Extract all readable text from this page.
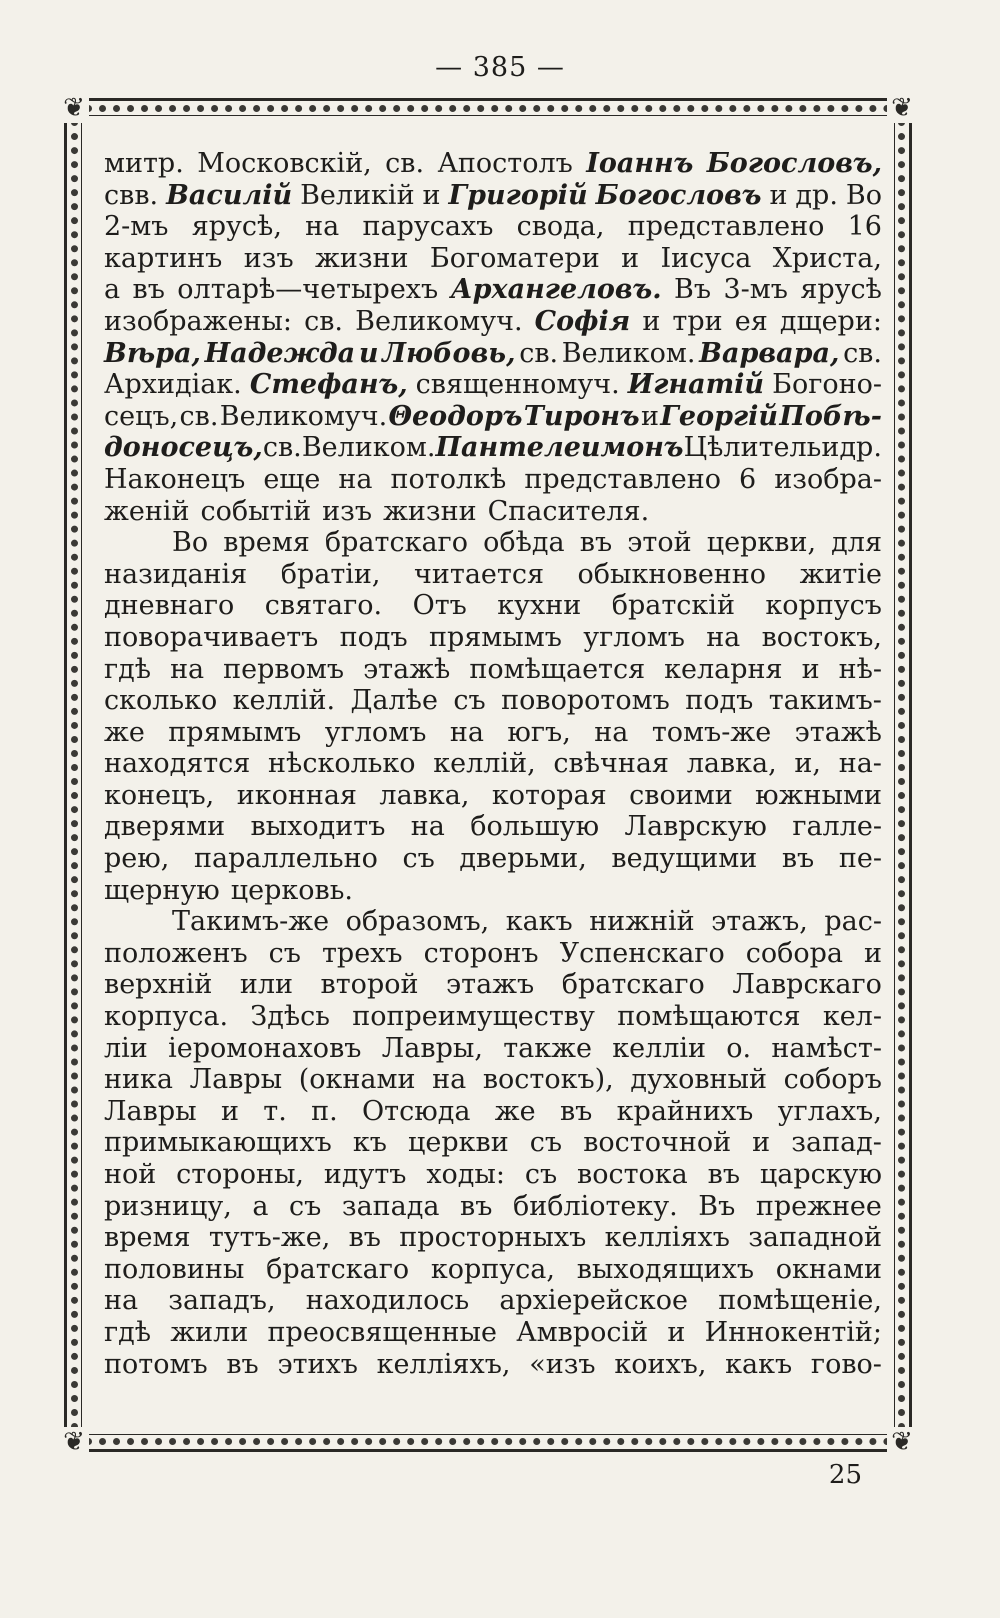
— 385 —
❦	❦
❦	❦
митр. Московскій, св. Апостолъ Іоаннъ Богословъ,
свв. Василій Великій и Григорій Богословъ и др. Во
2-мъ ярусѣ, на парусахъ свода, представлено 16
картинъ изъ жизни Богоматери и Іисуса Христа,
а въ олтарѣ—четырехъ Архангеловъ. Въ 3-мъ ярусѣ
изображены: св. Великомуч. Софія и три ея дщери:
Вѣра, Надежда и Любовь, св. Великом. Варвара, св.
Архидіак. Стефанъ, священномуч. Игнатій Богоно-
сецъ, св. Великомуч. Θеодоръ Тиронъ и Георгій Побѣ-
доносецъ, св. Великом. Пантелеимонъ Цѣлитель и др.
Наконецъ еще на потолкѣ представлено 6 изобра-
женій событій изъ жизни Спасителя.
Во время братскаго обѣда въ этой церкви, для
назиданія братіи, читается обыкновенно житіе
дневнаго святаго. Отъ кухни братскій корпусъ
поворачиваетъ подъ прямымъ угломъ на востокъ,
гдѣ на первомъ этажѣ помѣщается келарня и нѣ-
сколько келлій. Далѣе съ поворотомъ подъ такимъ-
же прямымъ угломъ на югъ, на томъ-же этажѣ
находятся нѣсколько келлій, свѣчная лавка, и, на-
конецъ, иконная лавка, которая своими южными
дверями выходитъ на большую Лаврскую галле-
рею, параллельно съ дверьми, ведущими въ пе-
щерную церковь.
Такимъ-же образомъ, какъ нижній этажъ, рас-
положенъ съ трехъ сторонъ Успенскаго собора и
верхній или второй этажъ братскаго Лаврскаго
корпуса. Здѣсь попреимуществу помѣщаются кел-
ліи іеромонаховъ Лавры, также келліи о. намѣст-
ника Лавры (окнами на востокъ), духовный соборъ
Лавры и т. п. Отсюда же въ крайнихъ углахъ,
примыкающихъ къ церкви съ восточной и запад-
ной стороны, идутъ ходы: съ востока въ царскую
ризницу, а съ запада въ библіотеку. Въ прежнее
время тутъ-же, въ просторныхъ келліяхъ западной
половины братскаго корпуса, выходящихъ окнами
на западъ, находилось архіерейское помѣщеніе,
гдѣ жили преосвященные Амвросій и Иннокентій;
потомъ въ этихъ келліяхъ, «изъ коихъ, какъ гово-
25
